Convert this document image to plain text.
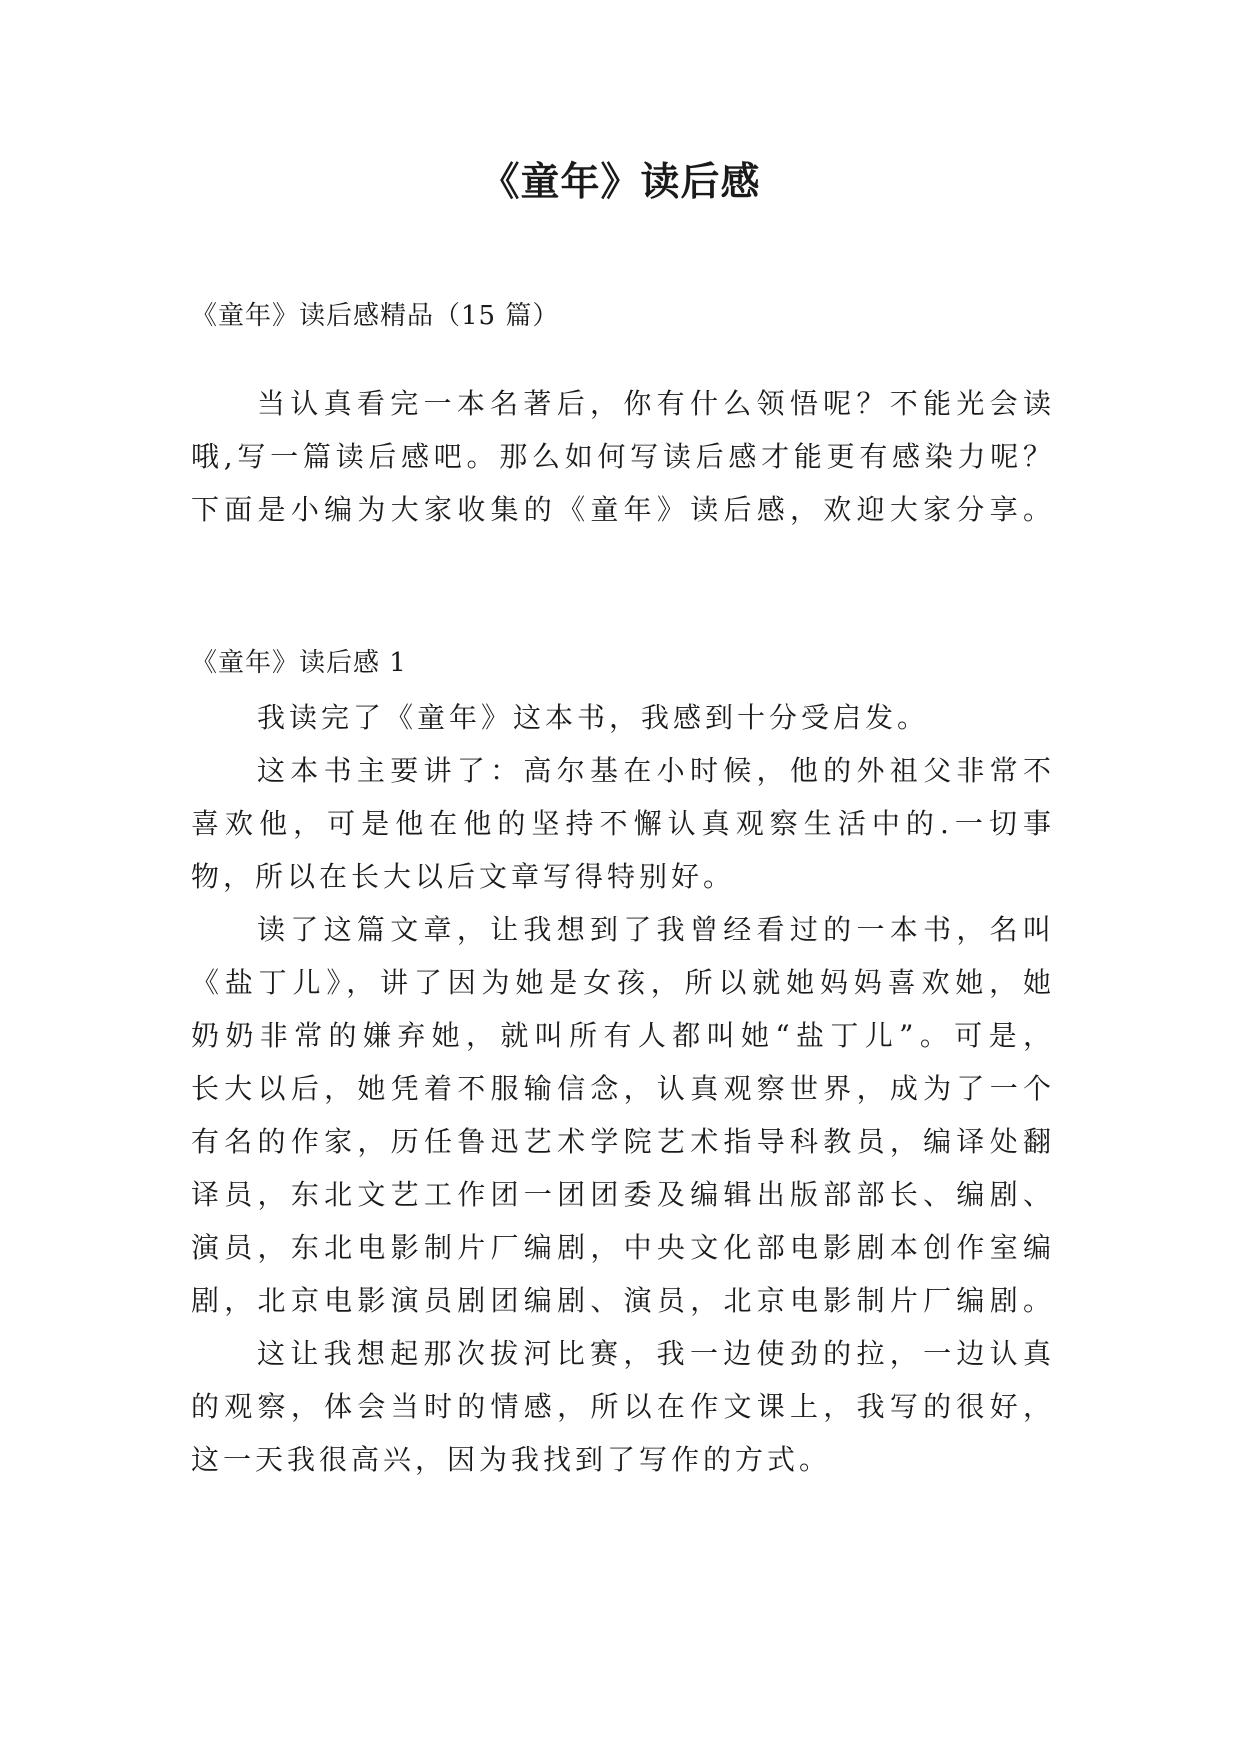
《童年》读后感
《童年》读后感精品（15 篇）
当认真看完一本名著后，你有什么领悟呢？不能光会读
哦,写一篇读后感吧。那么如何写读后感才能更有感染力呢？
下面是小编为大家收集的《童年》读后感，欢迎大家分享。
《童年》读后感 1
我读完了《童年》这本书，我感到十分受启发。
这本书主要讲了：高尔基在小时候，他的外祖父非常不
喜欢他，可是他在他的坚持不懈认真观察生活中的.一切事
物，所以在长大以后文章写得特别好。
读了这篇文章，让我想到了我曾经看过的一本书，名叫
《盐丁儿》，讲了因为她是女孩，所以就她妈妈喜欢她，她
奶奶非常的嫌弃她，就叫所有人都叫她“盐丁儿”。可是，
长大以后，她凭着不服输信念，认真观察世界，成为了一个
有名的作家，历任鲁迅艺术学院艺术指导科教员，编译处翻
译员，东北文艺工作团一团团委及编辑出版部部长、编剧、
演员，东北电影制片厂编剧，中央文化部电影剧本创作室编
剧，北京电影演员剧团编剧、演员，北京电影制片厂编剧。
这让我想起那次拔河比赛，我一边使劲的拉，一边认真
的观察，体会当时的情感，所以在作文课上，我写的很好，
这一天我很高兴，因为我找到了写作的方式。
